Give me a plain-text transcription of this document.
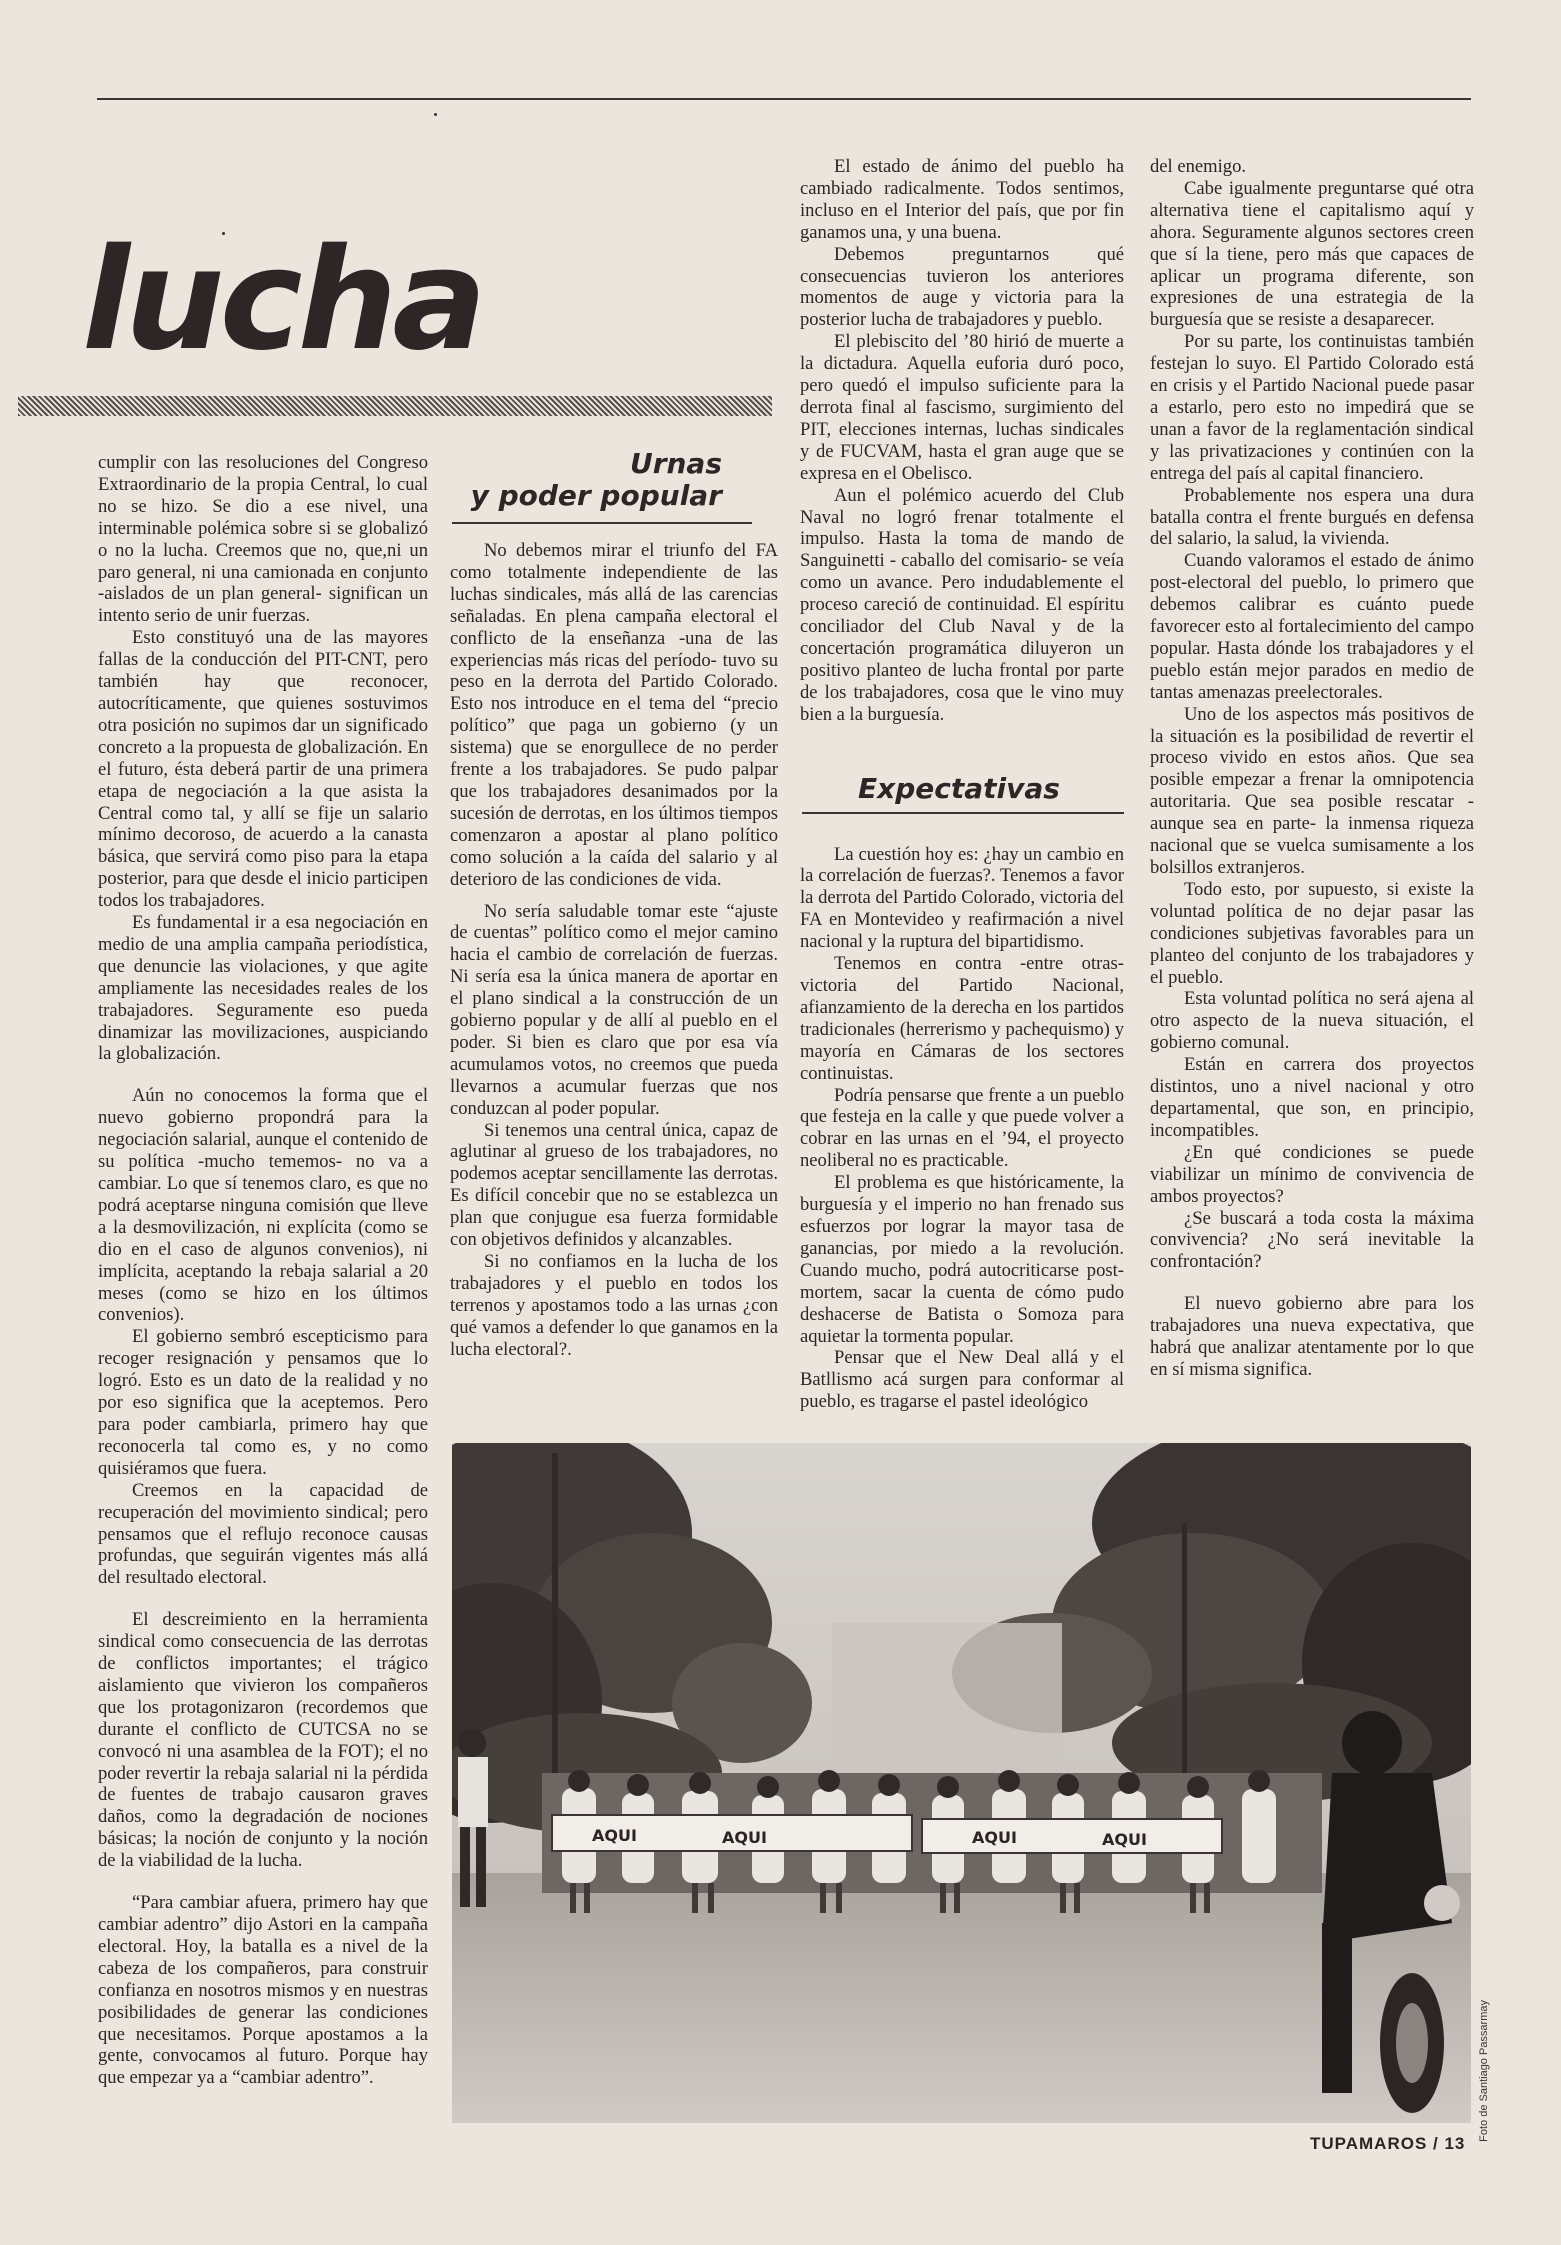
lucha

cumplir con las resoluciones del Congreso Extraordinario de la propia Central, lo cual no se hizo. Se dio a ese nivel, una interminable polémica sobre si se globalizó o no la lucha. Creemos que no, que,ni un paro general, ni una camionada en conjunto -aislados de un plan general- significan un intento serio de unir fuerzas.

Esto constituyó una de las mayores fallas de la conducción del PIT-CNT, pero también hay que reconocer, autocríticamente, que quienes sostuvimos otra posición no supimos dar un significado concreto a la propuesta de globalización. En el futuro, ésta deberá partir de una primera etapa de negociación a la que asista la Central como tal, y allí se fije un salario mínimo decoroso, de acuerdo a la canasta básica, que servirá como piso para la etapa posterior, para que desde el inicio participen todos los trabajadores.

Es fundamental ir a esa negociación en medio de una amplia campaña periodística, que denuncie las violaciones, y que agite ampliamente las necesidades reales de los trabajadores. Seguramente eso pueda dinamizar las movilizaciones, auspiciando la globalización.

Aún no conocemos la forma que el nuevo gobierno propondrá para la negociación salarial, aunque el contenido de su política -mucho tememos- no va a cambiar. Lo que sí tenemos claro, es que no podrá aceptarse ninguna comisión que lleve a la desmovilización, ni explícita (como se dio en el caso de algunos convenios), ni implícita, aceptando la rebaja salarial a 20 meses (como se hizo en los últimos convenios).

El gobierno sembró escepticismo para recoger resignación y pensamos que lo logró. Esto es un dato de la realidad y no por eso significa que la aceptemos. Pero para poder cambiarla, primero hay que reconocerla tal como es, y no como quisiéramos que fuera.

Creemos en la capacidad de recuperación del movimiento sindical; pero pensamos que el reflujo reconoce causas profundas, que seguirán vigentes más allá del resultado electoral.

El descreimiento en la herramienta sindical como consecuencia de las derrotas de conflictos importantes; el trágico aislamiento que vivieron los compañeros que los protagonizaron (recordemos que durante el conflicto de CUTCSA no se convocó ni una asamblea de la FOT); el no poder revertir la rebaja salarial ni la pérdida de fuentes de trabajo causaron graves daños, como la degradación de nociones básicas; la noción de conjunto y la noción de la viabilidad de la lucha.

“Para cambiar afuera, primero hay que cambiar adentro” dijo Astori en la campaña electoral. Hoy, la batalla es a nivel de la cabeza de los compañeros, para construir confianza en nosotros mismos y en nuestras posibilidades de generar las condiciones que necesitamos. Porque apostamos a la gente, convocamos al futuro. Porque hay que empezar ya a “cambiar adentro”.

Urnas
y poder popular

No debemos mirar el triunfo del FA como totalmente independiente de las luchas sindicales, más allá de las carencias señaladas. En plena campaña electoral el conflicto de la enseñanza -una de las experiencias más ricas del período- tuvo su peso en la derrota del Partido Colorado. Esto nos introduce en el tema del “precio político” que paga un gobierno (y un sistema) que se enorgullece de no perder frente a los trabajadores. Se pudo palpar que los trabajadores desanimados por la sucesión de derrotas, en los últimos tiempos comenzaron a apostar al plano político como solución a la caída del salario y al deterioro de las condiciones de vida.

No sería saludable tomar este “ajuste de cuentas” político como el mejor camino hacia el cambio de correlación de fuerzas. Ni sería esa la única manera de aportar en el plano sindical a la construcción de un gobierno popular y de allí al pueblo en el poder. Si bien es claro que por esa vía acumulamos votos, no creemos que pueda llevarnos a acumular fuerzas que nos conduzcan al poder popular.

Si tenemos una central única, capaz de aglutinar al grueso de los trabajadores, no podemos aceptar sencillamente las derrotas. Es difícil concebir que no se establezca un plan que conjugue esa fuerza formidable con objetivos definidos y alcanzables.

Si no confiamos en la lucha de los trabajadores y el pueblo en todos los terrenos y apostamos todo a las urnas ¿con qué vamos a defender lo que ganamos en la lucha electoral?.

El estado de ánimo del pueblo ha cambiado radicalmente. Todos sentimos, incluso en el Interior del país, que por fin ganamos una, y una buena.

Debemos preguntarnos qué consecuencias tuvieron los anteriores momentos de auge y victoria para la posterior lucha de trabajadores y pueblo.

El plebiscito del ’80 hirió de muerte a la dictadura. Aquella euforia duró poco, pero quedó el impulso suficiente para la derrota final al fascismo, surgimiento del PIT, elecciones internas, luchas sindicales y de FUCVAM, hasta el gran auge que se expresa en el Obelisco.

Aun el polémico acuerdo del Club Naval no logró frenar totalmente el impulso. Hasta la toma de mando de Sanguinetti - caballo del comisario- se veía como un avance. Pero indudablemente el proceso careció de continuidad. El espíritu conciliador del Club Naval y de la concertación programática diluyeron un positivo planteo de lucha frontal por parte de los trabajadores, cosa que le vino muy bien a la burguesía.

La cuestión hoy es: ¿hay un cambio en la correlación de fuerzas?. Tenemos a favor la derrota del Partido Colorado, victoria del FA en Montevideo y reafirmación a nivel nacional y la ruptura del bipartidismo.

Tenemos en contra -entre otras- victoria del Partido Nacional, afianzamiento de la derecha en los partidos tradicionales (herrerismo y pachequismo) y mayoría en Cámaras de los sectores continuistas.

Podría pensarse que frente a un pueblo que festeja en la calle y que puede volver a cobrar en las urnas en el ’94, el proyecto neoliberal no es practicable.

El problema es que históricamente, la burguesía y el imperio no han frenado sus esfuerzos por lograr la mayor tasa de ganancias, por miedo a la revolución. Cuando mucho, podrá autocriticarse post-mortem, sacar la cuenta de cómo pudo deshacerse de Batista o Somoza para aquietar la tormenta popular.

Pensar que el New Deal allá y el Batllismo acá surgen para conformar al pueblo, es tragarse el pastel ideológico

Expectativas

del enemigo.

Cabe igualmente preguntarse qué otra alternativa tiene el capitalismo aquí y ahora. Seguramente algunos sectores creen que sí la tiene, pero más que capaces de aplicar un programa diferente, son expresiones de una estrategia de la burguesía que se resiste a desaparecer.

Por su parte, los continuistas también festejan lo suyo. El Partido Colorado está en crisis y el Partido Nacional puede pasar a estarlo, pero esto no impedirá que se unan a favor de la reglamentación sindical y las privatizaciones y continúen con la entrega del país al capital financiero.

Probablemente nos espera una dura batalla contra el frente burgués en defensa del salario, la salud, la vivienda.

Cuando valoramos el estado de ánimo post-electoral del pueblo, lo primero que debemos calibrar es cuánto puede favorecer esto al fortalecimiento del campo popular. Hasta dónde los trabajadores y el pueblo están mejor parados en medio de tantas amenazas preelectorales.

Uno de los aspectos más positivos de la situación es la posibilidad de revertir el proceso vivido en estos años. Que sea posible empezar a frenar la omnipotencia autoritaria. Que sea posible rescatar -aunque sea en parte- la inmensa riqueza nacional que se vuelca sumisamente a los bolsillos extranjeros.

Todo esto, por supuesto, si existe la voluntad política de no dejar pasar las condiciones subjetivas favorables para un planteo del conjunto de los trabajadores y el pueblo.

Esta voluntad política no será ajena al otro aspecto de la nueva situación, el gobierno comunal.

Están en carrera dos proyectos distintos, uno a nivel nacional y otro departamental, que son, en principio, incompatibles.

¿En qué condiciones se puede viabilizar un mínimo de convivencia de ambos proyectos?

¿Se buscará a toda costa la máxima convivencia? ¿No será inevitable la confrontación?

El nuevo gobierno abre para los trabajadores una nueva expectativa, que habrá que analizar atentamente por lo que en sí misma significa.

AQUI	AQUI	AQUI	AQUI
Foto de Santiago Passarmay
TUPAMAROS / 13
